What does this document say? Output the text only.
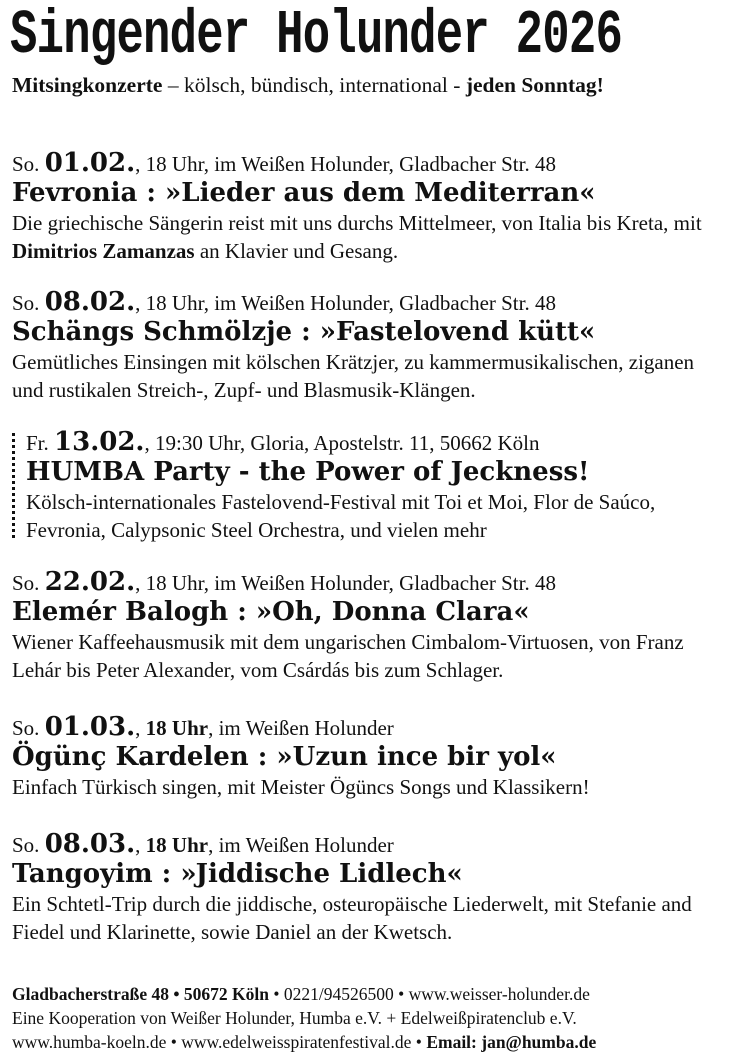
Singender Holunder 2026
Mitsingkonzerte – kölsch, bündisch, international - jeden Sonntag!
So. 01.02., 18 Uhr, im Weißen Holunder, Gladbacher Str. 48
Fevronia : »Lieder aus dem Mediterran«
Die griechische Sängerin reist mit uns durchs Mittelmeer, von Italia bis Kreta, mit Dimitrios Zamanzas an Klavier und Gesang.
So. 08.02., 18 Uhr, im Weißen Holunder, Gladbacher Str. 48
Schängs Schmölzje : »Fastelovend kütt«
Gemütliches Einsingen mit kölschen Krätzjer, zu kammermusikalischen, ziganen und rustikalen Streich-, Zupf- und Blasmusik-Klängen.
Fr. 13.02., 19:30 Uhr, Gloria, Apostelstr. 11, 50662 Köln
HUMBA Party - the Power of Jeckness!
Kölsch-internationales Fastelovend-Festival mit Toi et Moi, Flor de Saúco, Fevronia, Calypsonic Steel Orchestra, und vielen mehr
So. 22.02., 18 Uhr, im Weißen Holunder, Gladbacher Str. 48
Elemér Balogh : »Oh, Donna Clara«
Wiener Kaffeehausmusik mit dem ungarischen Cimbalom-Virtuosen, von Franz Lehár bis Peter Alexander, vom Csárdás bis zum Schlager.
So. 01.03., 18 Uhr, im Weißen Holunder
Ögünç Kardelen : »Uzun ince bir yol«
Einfach Türkisch singen, mit Meister Ögüncs Songs und Klassikern!
So. 08.03., 18 Uhr, im Weißen Holunder
Tangoyim : »Jiddische Lidlech«
Ein Schtetl-Trip durch die jiddische, osteuropäische Liederwelt, mit Stefanie and Fiedel und Klarinette, sowie Daniel an der Kwetsch.
Gladbacherstraße 48 • 50672 Köln • 0221/94526500 • www.weisser-holunder.de
Eine Kooperation von Weißer Holunder, Humba e.V. + Edelweißpiratenclub e.V.
www.humba-koeln.de • www.edelweisspiratenfestival.de • Email: jan@humba.de
